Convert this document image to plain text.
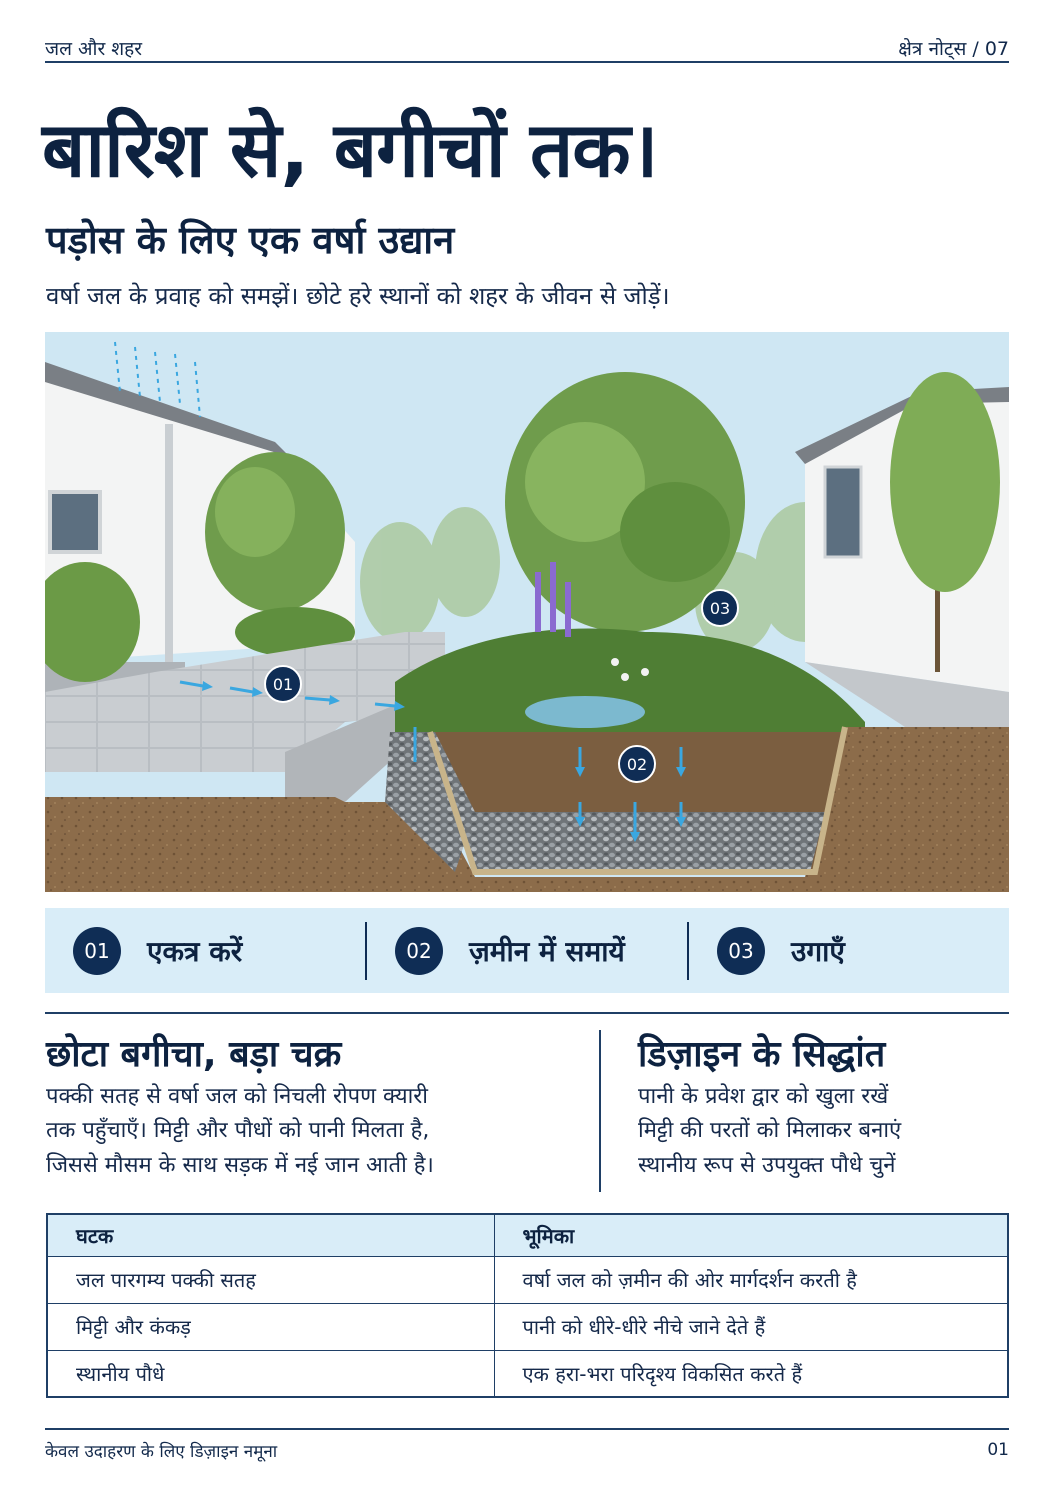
जल और शहर	क्षेत्र नोट्स / 07
बारिश से, बगीचों तक।
पड़ोस के लिए एक वर्षा उद्यान

वर्षा जल के प्रवाह को समझें। छोटे हरे स्थानों को शहर के जीवन से जोड़ें।

01
02
03
01	एकत्र करें	02	ज़मीन में समायें	03	उगाएँ
छोटा बगीचा, बड़ा चक्र
पक्की सतह से वर्षा जल को निचली रोपण क्यारी
तक पहुँचाएँ। मिट्टी और पौधों को पानी मिलता है,
जिससे मौसम के साथ सड़क में नई जान आती है।
डिज़ाइन के सिद्धांत
पानी के प्रवेश द्वार को खुला रखें
मिट्टी की परतों को मिलाकर बनाएं
स्थानीय रूप से उपयुक्त पौधे चुनें
घटक	भूमिका
जल पारगम्य पक्की सतह	वर्षा जल को ज़मीन की ओर मार्गदर्शन करती है
मिट्टी और कंकड़	पानी को धीरे-धीरे नीचे जाने देते हैं
स्थानीय पौधे	एक हरा-भरा परिदृश्य विकसित करते हैं
केवल उदाहरण के लिए डिज़ाइन नमूना	01
